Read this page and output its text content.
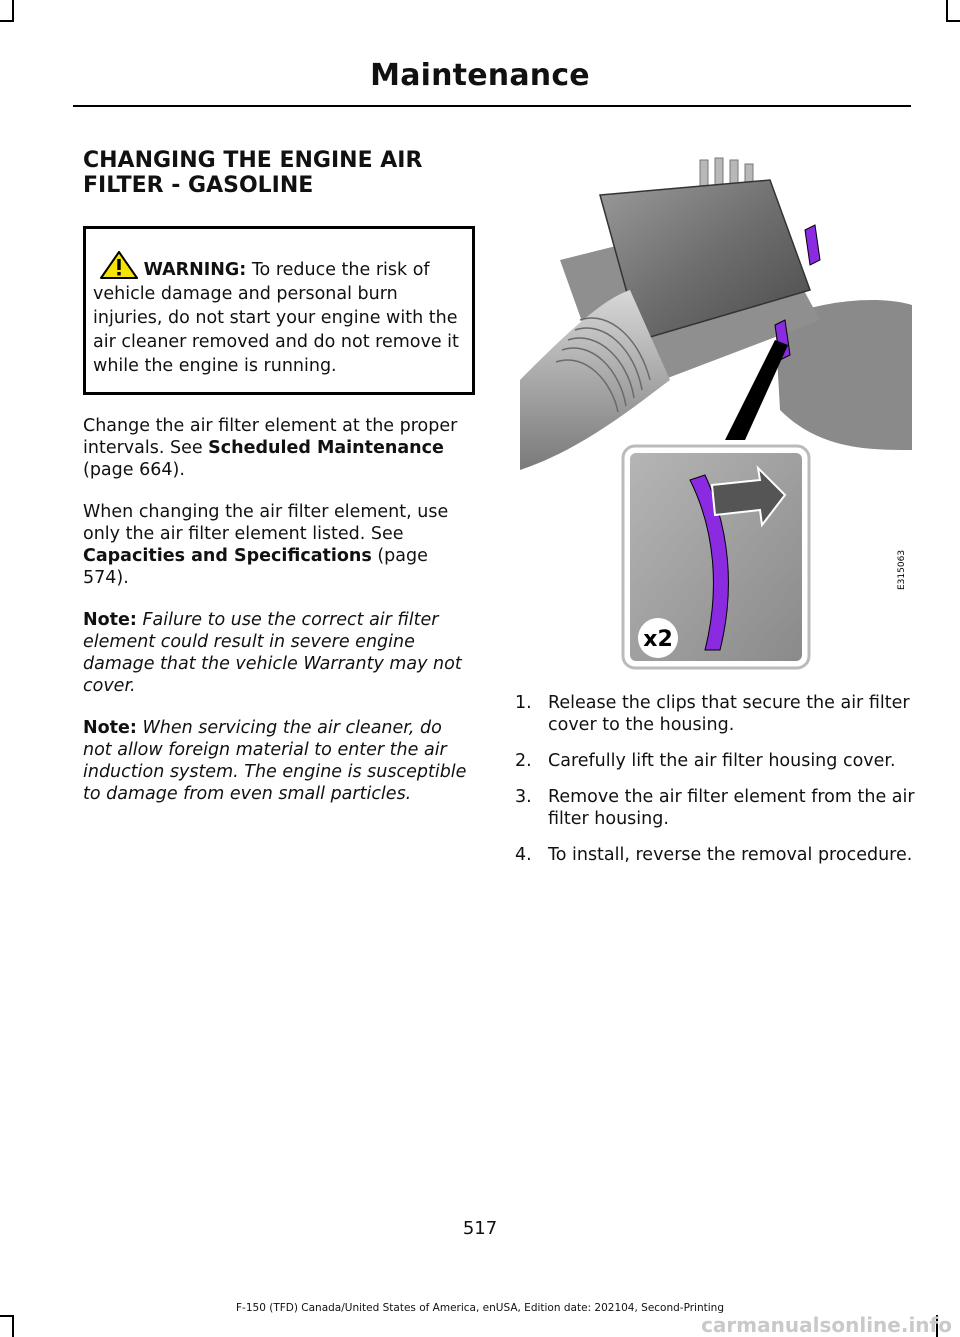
Maintenance
CHANGING THE ENGINE AIR FILTER - GASOLINE
WARNING: To reduce the risk of vehicle damage and personal burn injuries, do not start your engine with the air cleaner removed and do not remove it while the engine is running.

Change the air filter element at the proper intervals. See Scheduled Maintenance (page 664).

When changing the air filter element, use only the air filter element listed. See Capacities and Specifications (page 574).

Note: Failure to use the correct air filter element could result in severe engine damage that the vehicle Warranty may not cover.

Note: When servicing the air cleaner, do not allow foreign material to enter the air induction system. The engine is susceptible to damage from even small particles.

x2
E315063
1. Release the clips that secure the air filter cover to the housing.
2. Carefully lift the air filter housing cover.
3. Remove the air filter element from the air filter housing.
4. To install, reverse the removal procedure.
517
F-150 (TFD) Canada/United States of America, enUSA, Edition date: 202104, Second-Printing
carmanualsonline.info
